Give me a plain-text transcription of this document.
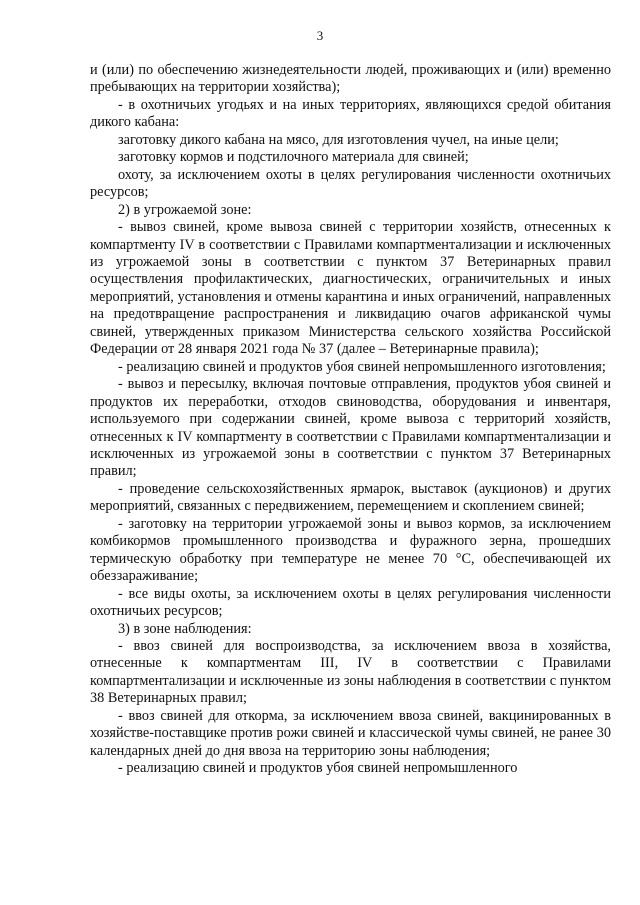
3

и (или) по обеспечению жизнедеятельности людей, проживающих и (или) временно пребывающих на территории хозяйства);

- в охотничьих угодьях и на иных территориях, являющихся средой обитания дикого кабана:

заготовку дикого кабана на мясо, для изготовления чучел, на иные цели;

заготовку кормов и подстилочного материала для свиней;

охоту, за исключением охоты в целях регулирования численности охотничьих ресурсов;

2) в угрожаемой зоне:

- вывоз свиней, кроме вывоза свиней с территории хозяйств, отнесенных к компартменту IV в соответствии с Правилами компартментализации и исключенных из угрожаемой зоны в соответствии с пунктом 37 Ветеринарных правил осуществления профилактических, диагностических, ограничительных и иных мероприятий, установления и отмены карантина и иных ограничений, направленных на предотвращение распространения и ликвидацию очагов африканской чумы свиней, утвержденных приказом Министерства сельского хозяйства Российской Федерации от 28 января 2021 года № 37 (далее – Ветеринарные правила);

- реализацию свиней и продуктов убоя свиней непромышленного изготовления;

- вывоз и пересылку, включая почтовые отправления, продуктов убоя свиней и продуктов их переработки, отходов свиноводства, оборудования и инвентаря, используемого при содержании свиней, кроме вывоза с территорий хозяйств, отнесенных к IV компартменту в соответствии с Правилами компартментализации и исключенных из угрожаемой зоны в соответствии с пунктом 37 Ветеринарных правил;

- проведение сельскохозяйственных ярмарок, выставок (аукционов) и других мероприятий, связанных с передвижением, перемещением и скоплением свиней;

- заготовку на территории угрожаемой зоны и вывоз кормов, за исключением комбикормов промышленного производства и фуражного зерна, прошедших термическую обработку при температуре не менее 70 °С, обеспечивающей их обеззараживание;

- все виды охоты, за исключением охоты в целях регулирования численности охотничьих ресурсов;

3) в зоне наблюдения:

- ввоз свиней для воспроизводства, за исключением ввоза в хозяйства, отнесенные к компартментам III, IV в соответствии с Правилами компартментализации и исключенные из зоны наблюдения в соответствии с пунктом 38 Ветеринарных правил;

- ввоз свиней для откорма, за исключением ввоза свиней, вакцинированных в хозяйстве-поставщике против рожи свиней и классической чумы свиней, не ранее 30 календарных дней до дня ввоза на территорию зоны наблюдения;

- реализацию свиней и продуктов убоя свиней непромышленного
